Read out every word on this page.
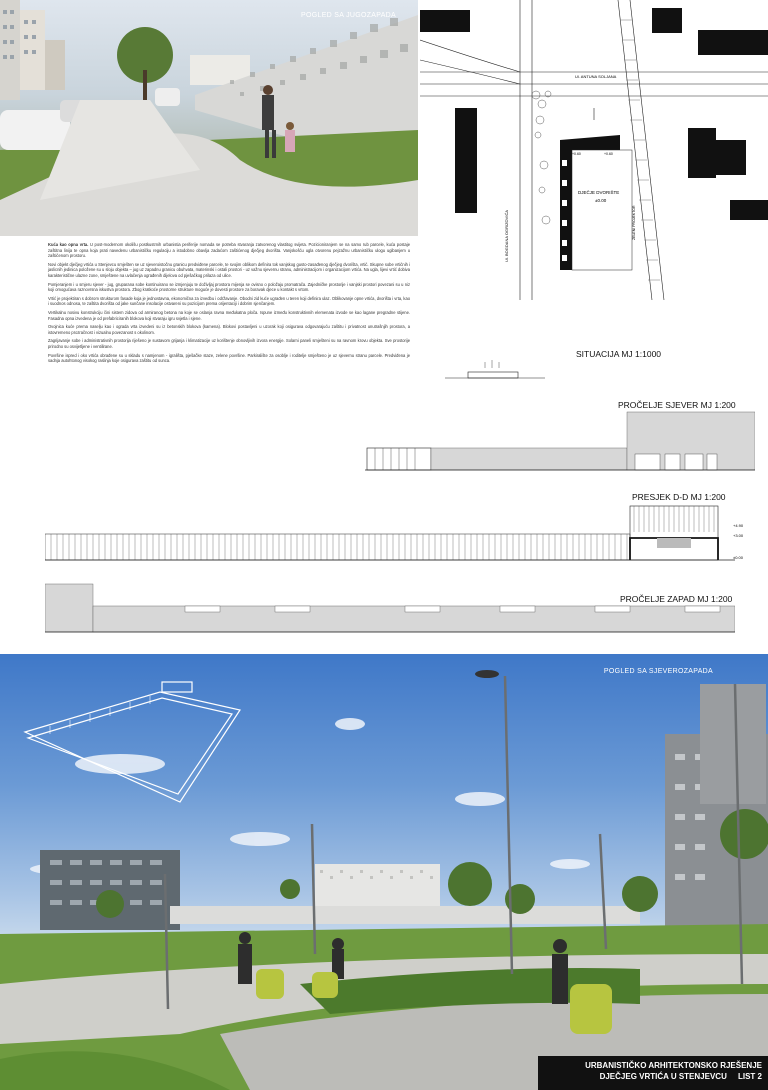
POGLED SA JUGOZAPADA
Ul. ANTUNA SOLJANA
Ul. BOGDANA OGRIZOVIĆA
DJEČJE DVORIŠTE
±0.00
+0.60	+0.60
ZELENI PROJEKTOR
SITUACIJA MJ 1:1000

Kuća kao opna vrta. U post-modernom okolišu postkustrnih urbanistia periferije nomada se potreba stvaranja zatvorenog vlastitog svijeta. Pozicioniranjem se na samo rub parcele, kuća postaje zaštitna linija te opna koja prati navedenu urbanističku regulaciju a istodobno obavlja zadaćom zaštićenog dječjeg dvorišta. Vanjskošću ugla otvorenu pejzažnu urbanističku ulogu ugibanjem u zaštićenom prostoru.

Novi objekt dječjeg vrtića u Stenjevcu smješten se uz sjeveroistočnu granicu predviđene parcele, te svojim oblikom definira tok vanjskog gusto-zasađenog dječjeg dvorišta, vrtić. Skupne sobe vrtićnih i jaslicnih jedinica položene su u sloju objekta – jug uz zapadnu granicu obuhvata, materinski i ostali prostori - uz važnu sjevernu stranu, administracijom i organizacijom vrtića. Na ugla, lijevi vrtić dobiva karakteristične ulazne zone, smještene na uvlačenja ograđenih dijelova od pješačkog prilaza od ulice.

Pomjeranjem i u smjeru sjever - jug, gruparana sobe kontinuirano se izmjenjuju te doživljaj prostora mijenja se ovisno o položaju promatrača. Zajedničke prostorije i vanjski prostori povezani su u niz koji omogućava raznovrsna iskustva prostora. Zbog kratkoće prostorne strukture moguće je dovesti prostore za boravak djece u kontakt s vrtom.

Vrtić je projektiran s dobrom strukturom fasade koja je jednostavna, ekonomična za izvedbu i održavanje. Obodni zid kuće ugrađen u teren koji definira ulaz. Oblikovanje opne vrtića, dvorišta i vrta, kao i suodnos odnosa, te zaštita dvorišta od jake sunčane insolacije ostvareni su pozicijom prema orijentaciji i dobrim sjenčanjem.

Vertikalnu nosivu konstrukciju čini sistem zidova od armiranog betona na koje se oslanja ravna međukatna ploča. Ispune između konstruktivnih elemenata izvode se kao lagane pregradne stijene. Fasadna opna izvedena je od prefabriciranih blokova koji stvaraju igru svjetla i sjene.

Ovojnica kuće prema naselju kao i ograda vrta izvedeni su iz betonskih blokova (kamena). Blokovi postavljeni u uzorak koji osigurava odgovarajuću zaštitu i privatnost unutrašnjih prostora, a istovremeno prozračnost i vizualnu povezanost s okolinom.

Zagrijavanje sobe i administrativnih prostorija riješeno je sustavom grijanja i klimatizacije uz korištenje obnovljivih izvora energije. Solarni paneli smješteni su na ravnom krovu objekta. Sve prostorije prirodno su osvijetljene i ventilirane.

Površine ispred i oko vrtića obrađene su u skladu s namjenom - igrališta, pješačke staze, zelene površine. Parkiralište za osoblje i roditelje smješteno je uz sjevernu stranu parcele. Predviđena je sadnja autohtonog visokog raslinja koje osigurava zaštitu od sunca.

PROČELJE SJEVER MJ 1:200
PRESJEK D-D MJ 1:200
+4.90
+3.00
±0.00
PROČELJE ZAPAD MJ 1:200
POGLED SA SJEVEROZAPADA
URBANISTIČKO ARHITEKTONSKO RJEŠENJE
DJEČJEG VRTIĆA U STENJEVCU LIST 2
